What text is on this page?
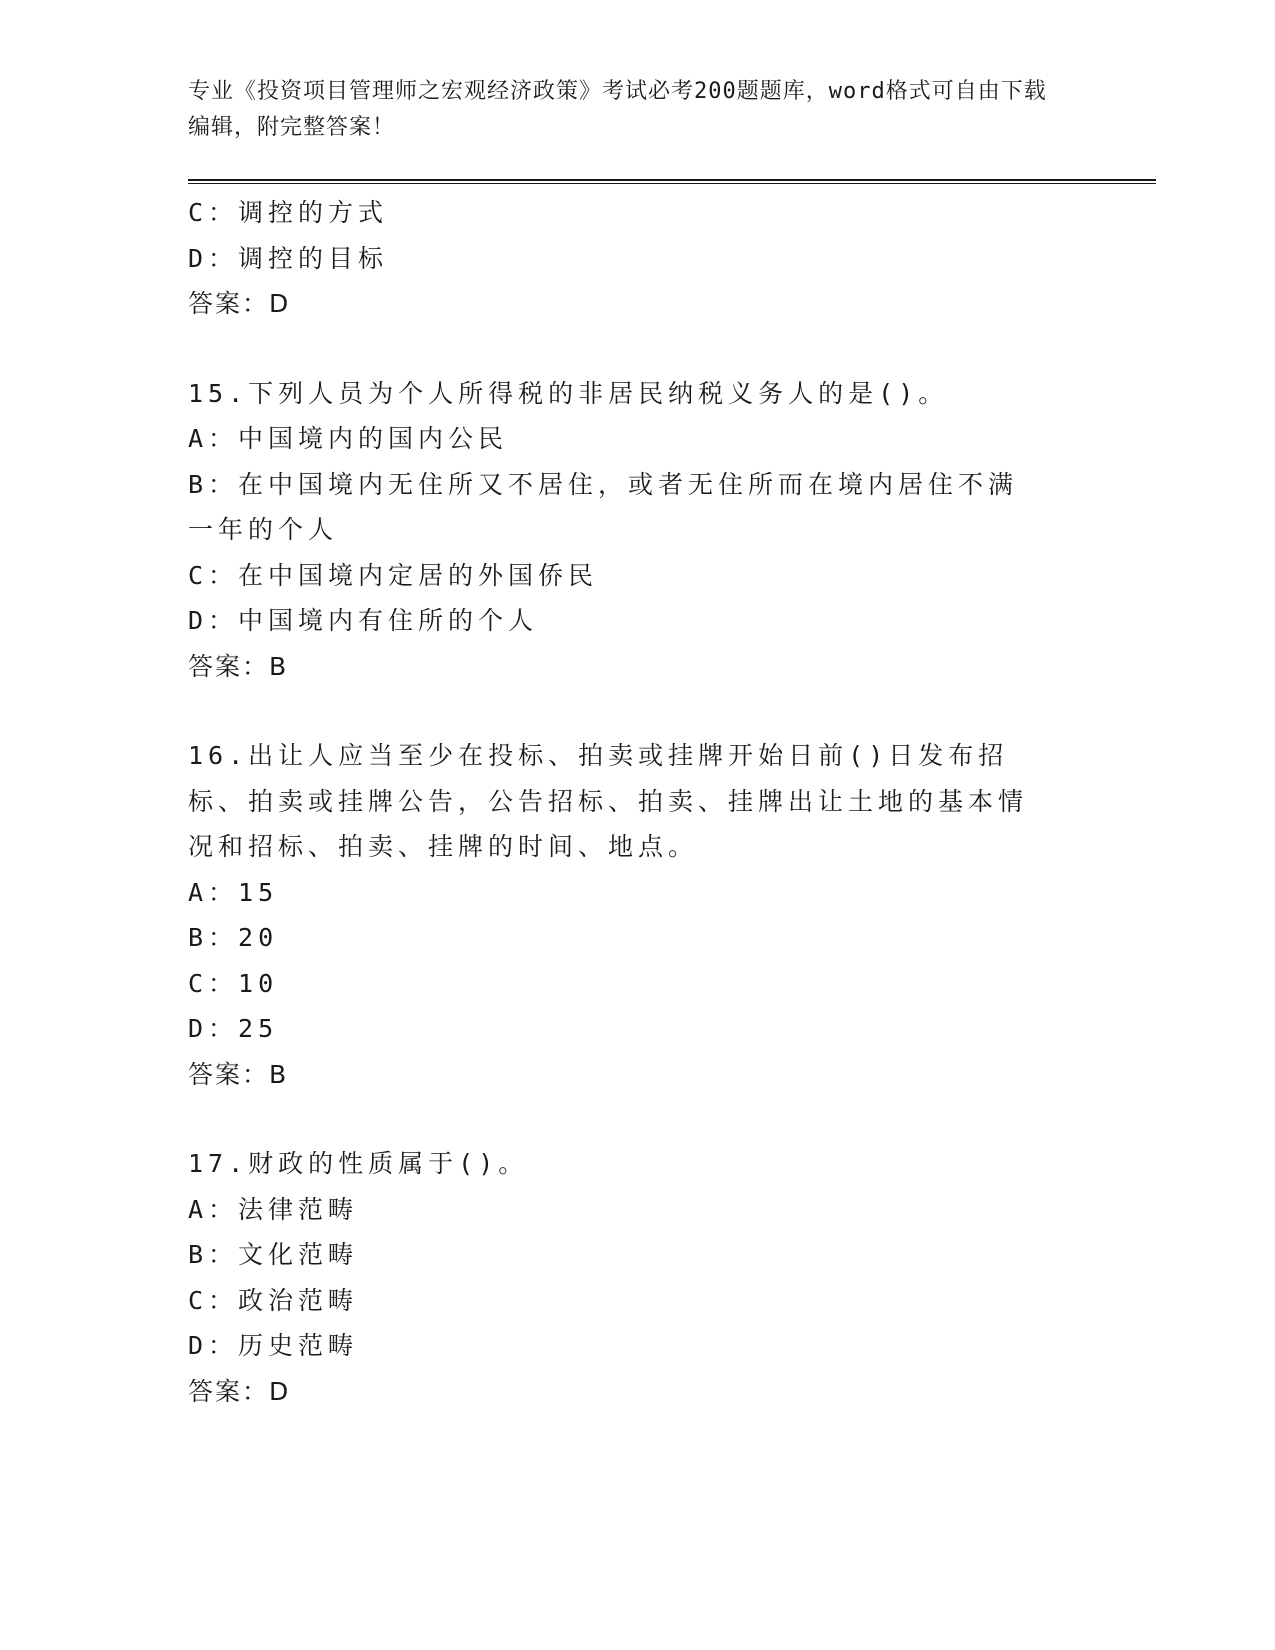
专业《投资项目管理师之宏观经济政策》考试必考200题题库，word格式可自由下载编辑，附完整答案！
C：调控的方式
D：调控的目标
答案：D
15.下列人员为个人所得税的非居民纳税义务人的是()。
A：中国境内的国内公民
B：在中国境内无住所又不居住，或者无住所而在境内居住不满一年的个人
C：在中国境内定居的外国侨民
D：中国境内有住所的个人
答案：B
16.出让人应当至少在投标、拍卖或挂牌开始日前()日发布招标、拍卖或挂牌公告，公告招标、拍卖、挂牌出让土地的基本情况和招标、拍卖、挂牌的时间、地点。
A：15
B：20
C：10
D：25
答案：B
17.财政的性质属于()。
A：法律范畴
B：文化范畴
C：政治范畴
D：历史范畴
答案：D
